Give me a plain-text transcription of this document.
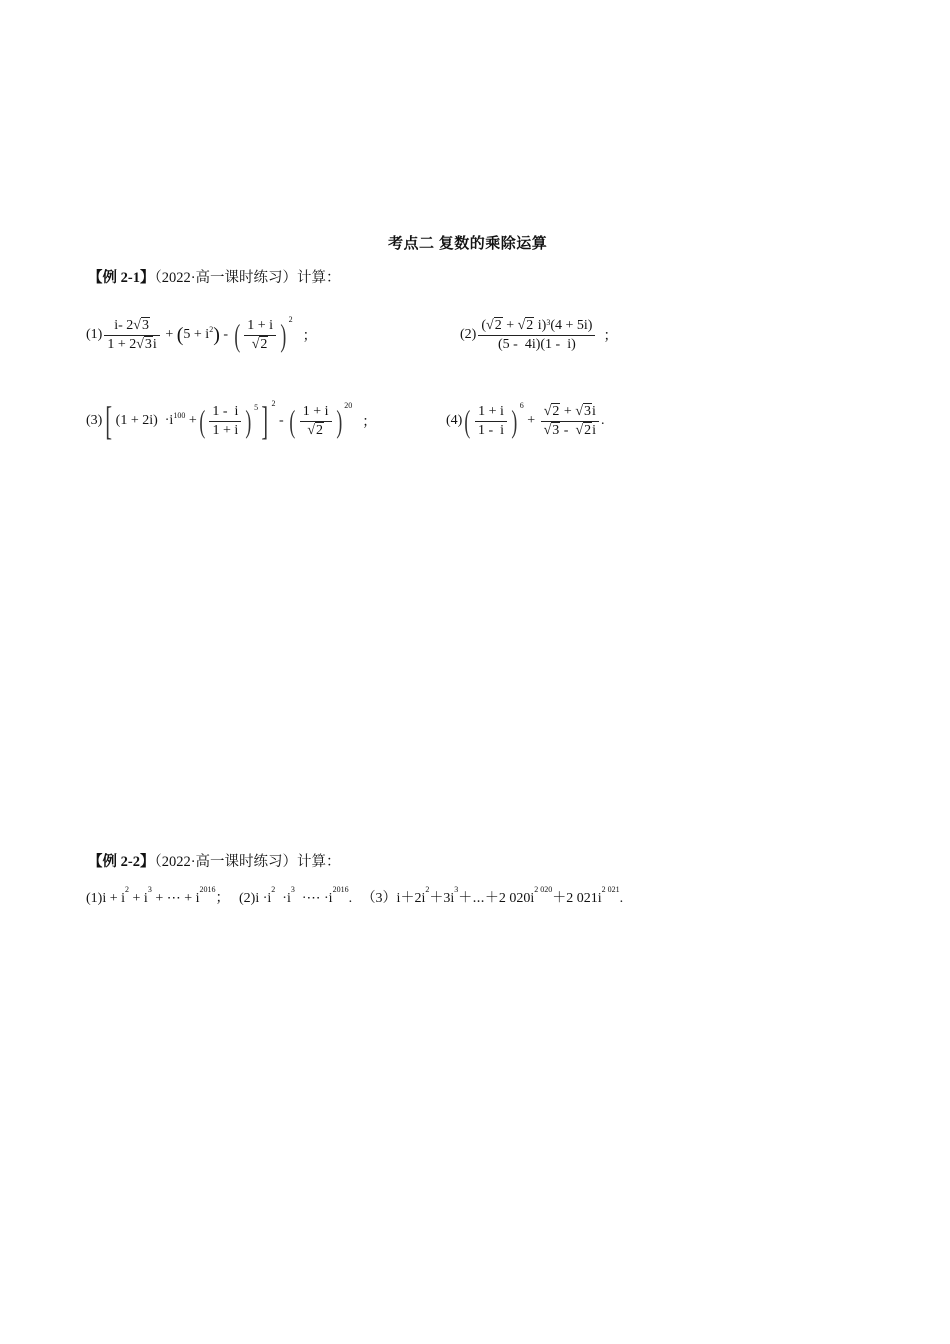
考点二 复数的乘除运算
【例 2-1】（2022·高一课时练习）计算：
$(1) \frac{i- 2√3}{1 + 2√3i}$ + ( $5 + i^2$ ) - ( $\frac{1 + i}{√2}$ ) $^2$
；	$(2) \frac{(√2 + √2 i)^3(4 + 5i)}{(5 - 4i)(1 - i)}$ ；
(3) [ $(1 + 2i) \cdot i^{100}$ + ( $\frac{1 - i}{1 + i}$ ) $^5$ ] $^2$
- ( $\frac{1 + i}{√2}$ ) $^{20}$
；	(4) ( $\frac{1 + i}{1 - i}$ ) $^6$
+ $\frac{√2 + √3i}{√3 - √2i}$ .
【例 2-2】（2022·高一课时练习）计算：
$(1)i + i^2 + i^3$ + ⋯ + $i^{2016}$； $(2)i \cdot i^2 \cdot i^3$  ·⋯ $\cdot i^{2016}$. $(3)i+2i^2+3i^3+\cdots+2$ $020i^{2 020}+2$ $021i^{2 021}$.
